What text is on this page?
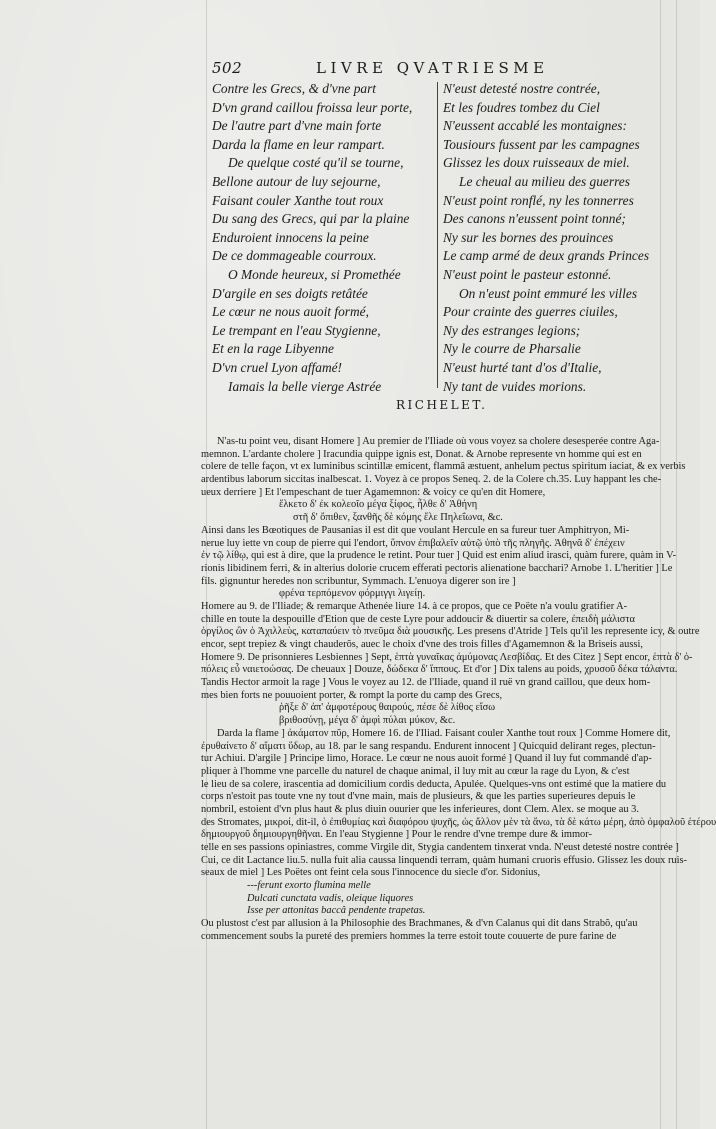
502	LIVRE QVATRIESME
Contre les Grecs, & d'vne part
D'vn grand caillou froissa leur porte,
De l'autre part d'vne main forte
Darda la flame en leur rampart.
De quelque costé qu'il se tourne,
Bellone autour de luy sejourne,
Faisant couler Xanthe tout roux
Du sang des Grecs, qui par la plaine
Enduroient innocens la peine
De ce dommageable courroux.
O Monde heureux, si Promethée
D'argile en ses doigts retâtée
Le cœur ne nous auoit formé,
Le trempant en l'eau Stygienne,
Et en la rage Libyenne
D'vn cruel Lyon affamé!
Iamais la belle vierge Astrée
N'eust detesté nostre contrée,
Et les foudres tombez du Ciel
N'eussent accablé les montaignes:
Tousiours fussent par les campagnes
Glissez les doux ruisseaux de miel.
Le cheual au milieu des guerres
N'eust point ronflé, ny les tonnerres
Des canons n'eussent point tonné;
Ny sur les bornes des prouinces
Le camp armé de deux grands Princes
N'eust point le pasteur estonné.
On n'eust point emmuré les villes
Pour crainte des guerres ciuiles,
Ny des estranges legions;
Ny le courre de Pharsalie
N'eust hurté tant d'os d'Italie,
Ny tant de vuides morions.
RICHELET.
N'as-tu point veu, disant Homere ] Au premier de l'Iliade où vous voyez sa cholere desesperée contre Aga-
memnon. L'ardante cholere ] Iracundia quippe ignis est, Donat. & Arnobe represente vn homme qui est en
colere de telle façon, vt ex luminibus scintillæ emicent, flammâ æstuent, anhelum pectus spiritum iaciat, & ex verbis
ardentibus laborum siccitas inalbescat. 1. Voyez à ce propos Seneq. 2. de la Colere ch.35. Luy happant les che-
ueux derriere ] Et l'empeschant de tuer Agamemnon: & voicy ce qu'en dit Homere,
ἕλκετο δ' ἐκ κολεοῖο μέγα ξίφος, ἦλθε δ' Ἀθήνη
στῆ δ' ὄπιθεν, ξανθῆς δὲ κόμης ἕλε Πηλεΐωνα, &c.
Ainsi dans les Bœotiques de Pausanias il est dit que voulant Hercule en sa fureur tuer Amphitryon, Mi-
nerue luy iette vn coup de pierre qui l'endort, ὕπνον ἐπιβαλεῖν αὐτῷ ὑπὸ τῆς πληγῆς. Ἀθηνᾶ δ' ἐπέχειν
ἐν τῷ λίθῳ, qui est à dire, que la prudence le retint. Pour tuer ] Quid est enim aliud irasci, quàm furere, quàm in V-
rionis libidinem ferri, & in alterius dolorie crucem efferati pectoris alienatione bacchari? Arnobe 1. L'heritier ] Le
fils. gignuntur heredes non scribuntur, Symmach. L'enuoya digerer son ire ]
φρένα τερπόμενον φόρμιγγι λιγείῃ.
Homere au 9. de l'Iliade; & remarque Athenée liure 14. à ce propos, que ce Poëte n'a voulu gratifier A-
chille en toute la despouille d'Etion que de ceste Lyre pour addoucir & diuertir sa colere, ἐπειδὴ μάλιστα
ὀργίλος ὢν ὁ Ἀχιλλεὺς, καταπαύειν τὸ πνεῦμα διὰ μουσικῆς. Les presens d'Atride ] Tels qu'il les represente icy, & outre
encor, sept trepiez & vingt chauderõs, auec le choix d'vne des trois filles d'Agamemnon & la Briseis aussi,
Homere 9. De prisonnieres Lesbiennes ] Sept, ἑπτὰ γυναῖκας ἀμύμονας Λεσβίδας. Et des Citez ] Sept encor, ἑπτὰ δ' ὁ-
πόλεις εὖ ναιετοώσας. De cheuaux ] Douze, δώδεκα δ' ἵππους. Et d'or ] Dix talens au poids, χρυσοῦ δέκα τάλαντα.
Tandis Hector armoit la rage ] Vous le voyez au 12. de l'Iliade, quand il ruë vn grand caillou, que deux hom-
mes bien forts ne pouuoient porter, & rompt la porte du camp des Grecs,
ῥῆξε δ' ἀπ' ἀμφοτέρους θαιρούς, πέσε δὲ λίθος εἴσω
βριθοσύνῃ, μέγα δ' ἀμφὶ πύλαι μύκον, &c.
Darda la flame ] ἀκάματον πῦρ, Homere 16. de l'Iliad. Faisant couler Xanthe tout roux ] Comme Homere dit,
ἐρυθαίνετο δ' αἵματι ὕδωρ, au 18. par le sang respandu. Endurent innocent ] Quicquid delirant reges, plectun-
tur Achiui. D'argile ] Principe limo, Horace. Le cœur ne nous auoit formé ] Quand il luy fut commandé d'ap-
pliquer à l'homme vne parcelle du naturel de chaque animal, il luy mit au cœur la rage du Lyon, & c'est
le lieu de sa colere, irascentia ad domicilium cordis deducta, Apulée. Quelques-vns ont estimé que la matiere du
corps n'estoit pas toute vne ny tout d'vne main, mais de plusieurs, & que les parties superieures depuis le
nombril, estoient d'vn plus haut & plus diuin ouurier que les inferieures, dont Clem. Alex. se moque au 3.
des Stromates, μικροί, dit-il, ὁ ἐπιθυμίας καὶ διαφόρου ψυχῆς, ὡς ἄλλον μὲν τὰ ἄνω, τὰ δὲ κάτω μέρη, ἀπὸ ὀμφαλοῦ ἑτέρου
δημιουργοῦ δημιουργηθῆναι. En l'eau Stygienne ] Pour le rendre d'vne trempe dure & immor-
telle en ses passions opiniastres, comme Virgile dit, Stygia candentem tinxerat vnda. N'eust detesté nostre contrée ]
Cui, ce dit Lactance liu.5. nulla fuit alia caussa linquendi terram, quàm humani cruoris effusio. Glissez les doux ruis-
seaux de miel ] Les Poëtes ont feint cela sous l'innocence du siecle d'or. Sidonius,
---ferunt exorto flumina melle
Dulcati cunctata vadis, oleique liquores
Isse per attonitas baccâ pendente trapetas.
Ou plustost c'est par allusion à la Philosophie des Brachmanes, & d'vn Calanus qui dit dans Strabõ, qu'au
commencement soubs la pureté des premiers hommes la terre estoit toute couuerte de pure farine de
